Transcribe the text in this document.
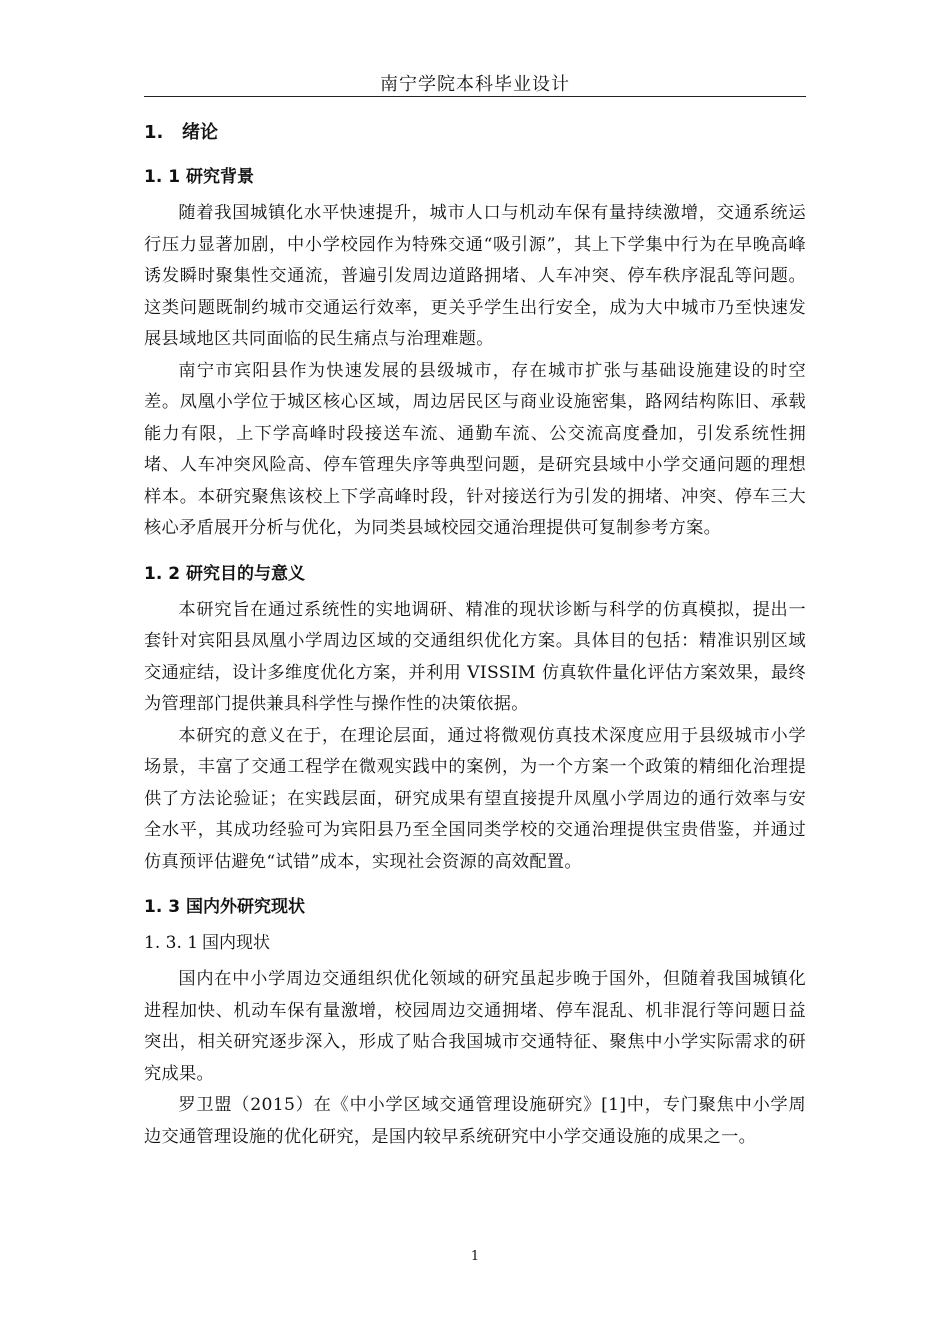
南宁学院本科毕业设计
1. 绪论
1. 1 研究背景

随着我国城镇化水平快速提升，城市人口与机动车保有量持续激增，交通系统运行压力显著加剧，中小学校园作为特殊交通“吸引源”，其上下学集中行为在早晚高峰诱发瞬时聚集性交通流，普遍引发周边道路拥堵、人车冲突、停车秩序混乱等问题。这类问题既制约城市交通运行效率，更关乎学生出行安全，成为大中城市乃至快速发展县域地区共同面临的民生痛点与治理难题。

南宁市宾阳县作为快速发展的县级城市，存在城市扩张与基础设施建设的时空差。凤凰小学位于城区核心区域，周边居民区与商业设施密集，路网结构陈旧、承载能力有限，上下学高峰时段接送车流、通勤车流、公交流高度叠加，引发系统性拥堵、人车冲突风险高、停车管理失序等典型问题，是研究县域中小学交通问题的理想样本。本研究聚焦该校上下学高峰时段，针对接送行为引发的拥堵、冲突、停车三大核心矛盾展开分析与优化，为同类县域校园交通治理提供可复制参考方案。

1. 2 研究目的与意义

本研究旨在通过系统性的实地调研、精准的现状诊断与科学的仿真模拟，提出一套针对宾阳县凤凰小学周边区域的交通组织优化方案。具体目的包括：精准识别区域交通症结，设计多维度优化方案，并利用 VISSIM 仿真软件量化评估方案效果，最终为管理部门提供兼具科学性与操作性的决策依据。

本研究的意义在于，在理论层面，通过将微观仿真技术深度应用于县级城市小学场景，丰富了交通工程学在微观实践中的案例，为一个方案一个政策的精细化治理提供了方法论验证；在实践层面，研究成果有望直接提升凤凰小学周边的通行效率与安全水平，其成功经验可为宾阳县乃至全国同类学校的交通治理提供宝贵借鉴，并通过仿真预评估避免“试错”成本，实现社会资源的高效配置。

1. 3 国内外研究现状
1. 3. 1 国内现状

国内在中小学周边交通组织优化领域的研究虽起步晚于国外，但随着我国城镇化进程加快、机动车保有量激增，校园周边交通拥堵、停车混乱、机非混行等问题日益突出，相关研究逐步深入，形成了贴合我国城市交通特征、聚焦中小学实际需求的研究成果。

罗卫盟（2015）在《中小学区域交通管理设施研究》[1]中，专门聚焦中小学周边交通管理设施的优化研究，是国内较早系统研究中小学交通设施的成果之一。

1
